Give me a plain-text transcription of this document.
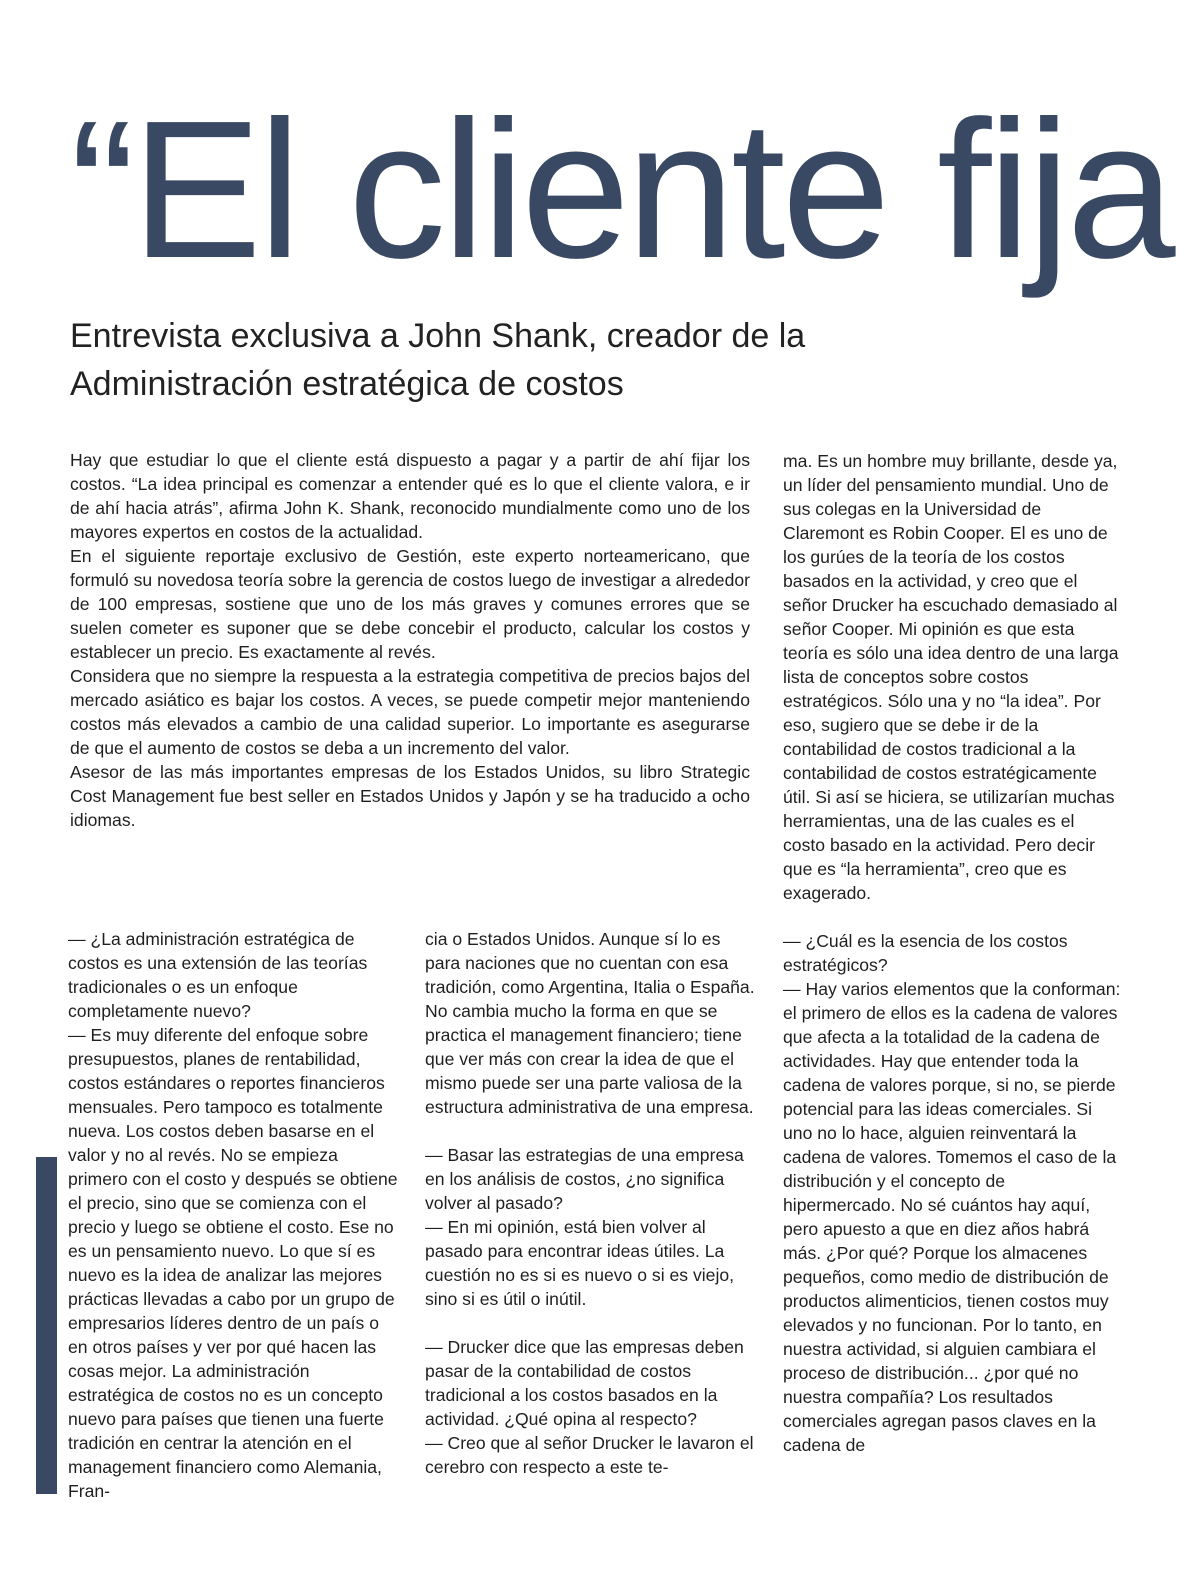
“El cliente fija
Entrevista exclusiva a John Shank, creador de la Administración estratégica de costos

Hay que estudiar lo que el cliente está dispuesto a pagar y a partir de ahí fijar los costos. “La idea principal es comenzar a entender qué es lo que el cliente valora, e ir de ahí hacia atrás”, afirma John K. Shank, reconocido mundialmente como uno de los mayores expertos en costos de la actualidad.

En el siguiente reportaje exclusivo de Gestión, este experto norteamericano, que formuló su novedosa teoría sobre la gerencia de costos luego de investigar a alrededor de 100 empresas, sostiene que uno de los más graves y comunes errores que se suelen cometer es suponer que se debe concebir el producto, calcular los costos y establecer un precio. Es exactamente al revés.

Considera que no siempre la respuesta a la estrategia competitiva de precios bajos del mercado asiático es bajar los costos. A veces, se puede competir mejor manteniendo costos más elevados a cambio de una calidad superior. Lo importante es asegurarse de que el aumento de costos se deba a un incremento del valor.

Asesor de las más importantes empresas de los Estados Unidos, su libro Strategic Cost Management fue best seller en Estados Unidos y Japón y se ha traducido a ocho idiomas.

— ¿La administración estratégica de costos es una extensión de las teorías tradicionales o es un enfoque completamente nuevo?

— Es muy diferente del enfoque sobre presupuestos, planes de rentabilidad, costos estándares o reportes financieros mensuales. Pero tampoco es totalmente nueva. Los costos deben basarse en el valor y no al revés. No se empieza primero con el costo y después se obtiene el precio, sino que se comienza con el precio y luego se obtiene el costo. Ese no es un pensamiento nuevo. Lo que sí es nuevo es la idea de analizar las mejores prácticas llevadas a cabo por un grupo de empresarios líderes dentro de un país o en otros países y ver por qué hacen las cosas mejor. La administración estratégica de costos no es un concepto nuevo para países que tienen una fuerte tradición en centrar la atención en el management financiero como Alemania, Fran-

cia o Estados Unidos. Aunque sí lo es para naciones que no cuentan con esa tradición, como Argentina, Italia o España. No cambia mucho la forma en que se practica el management financiero; tiene que ver más con crear la idea de que el mismo puede ser una parte valiosa de la estructura administrativa de una empresa.

— Basar las estrategias de una empresa en los análisis de costos, ¿no significa volver al pasado?

— En mi opinión, está bien volver al pasado para encontrar ideas útiles. La cuestión no es si es nuevo o si es viejo, sino si es útil o inútil.

— Drucker dice que las empresas deben pasar de la contabilidad de costos tradicional a los costos basados en la actividad. ¿Qué opina al respecto?

— Creo que al señor Drucker le lavaron el cerebro con respecto a este te-

ma. Es un hombre muy brillante, desde ya, un líder del pensamiento mundial. Uno de sus colegas en la Universidad de Claremont es Robin Cooper. El es uno de los gurúes de la teoría de los costos basados en la actividad, y creo que el señor Drucker ha escuchado demasiado al señor Cooper. Mi opinión es que esta teoría es sólo una idea dentro de una larga lista de conceptos sobre costos estratégicos. Sólo una y no “la idea”. Por eso, sugiero que se debe ir de la contabilidad de costos tradicional a la contabilidad de costos estratégicamente útil. Si así se hiciera, se utilizarían muchas herramientas, una de las cuales es el costo basado en la actividad. Pero decir que es “la herramienta”, creo que es exagerado.

— ¿Cuál es la esencia de los costos estratégicos?

— Hay varios elementos que la conforman: el primero de ellos es la cadena de valores que afecta a la totalidad de la cadena de actividades. Hay que entender toda la cadena de valores porque, si no, se pierde potencial para las ideas comerciales. Si uno no lo hace, alguien reinventará la cadena de valores. Tomemos el caso de la distribución y el concepto de hipermercado. No sé cuántos hay aquí, pero apuesto a que en diez años habrá más. ¿Por qué? Porque los almacenes pequeños, como medio de distribución de productos alimenticios, tienen costos muy elevados y no funcionan. Por lo tanto, en nuestra actividad, si alguien cambiara el proceso de distribución... ¿por qué no nuestra compañía? Los resultados comerciales agregan pasos claves en la cadena de
